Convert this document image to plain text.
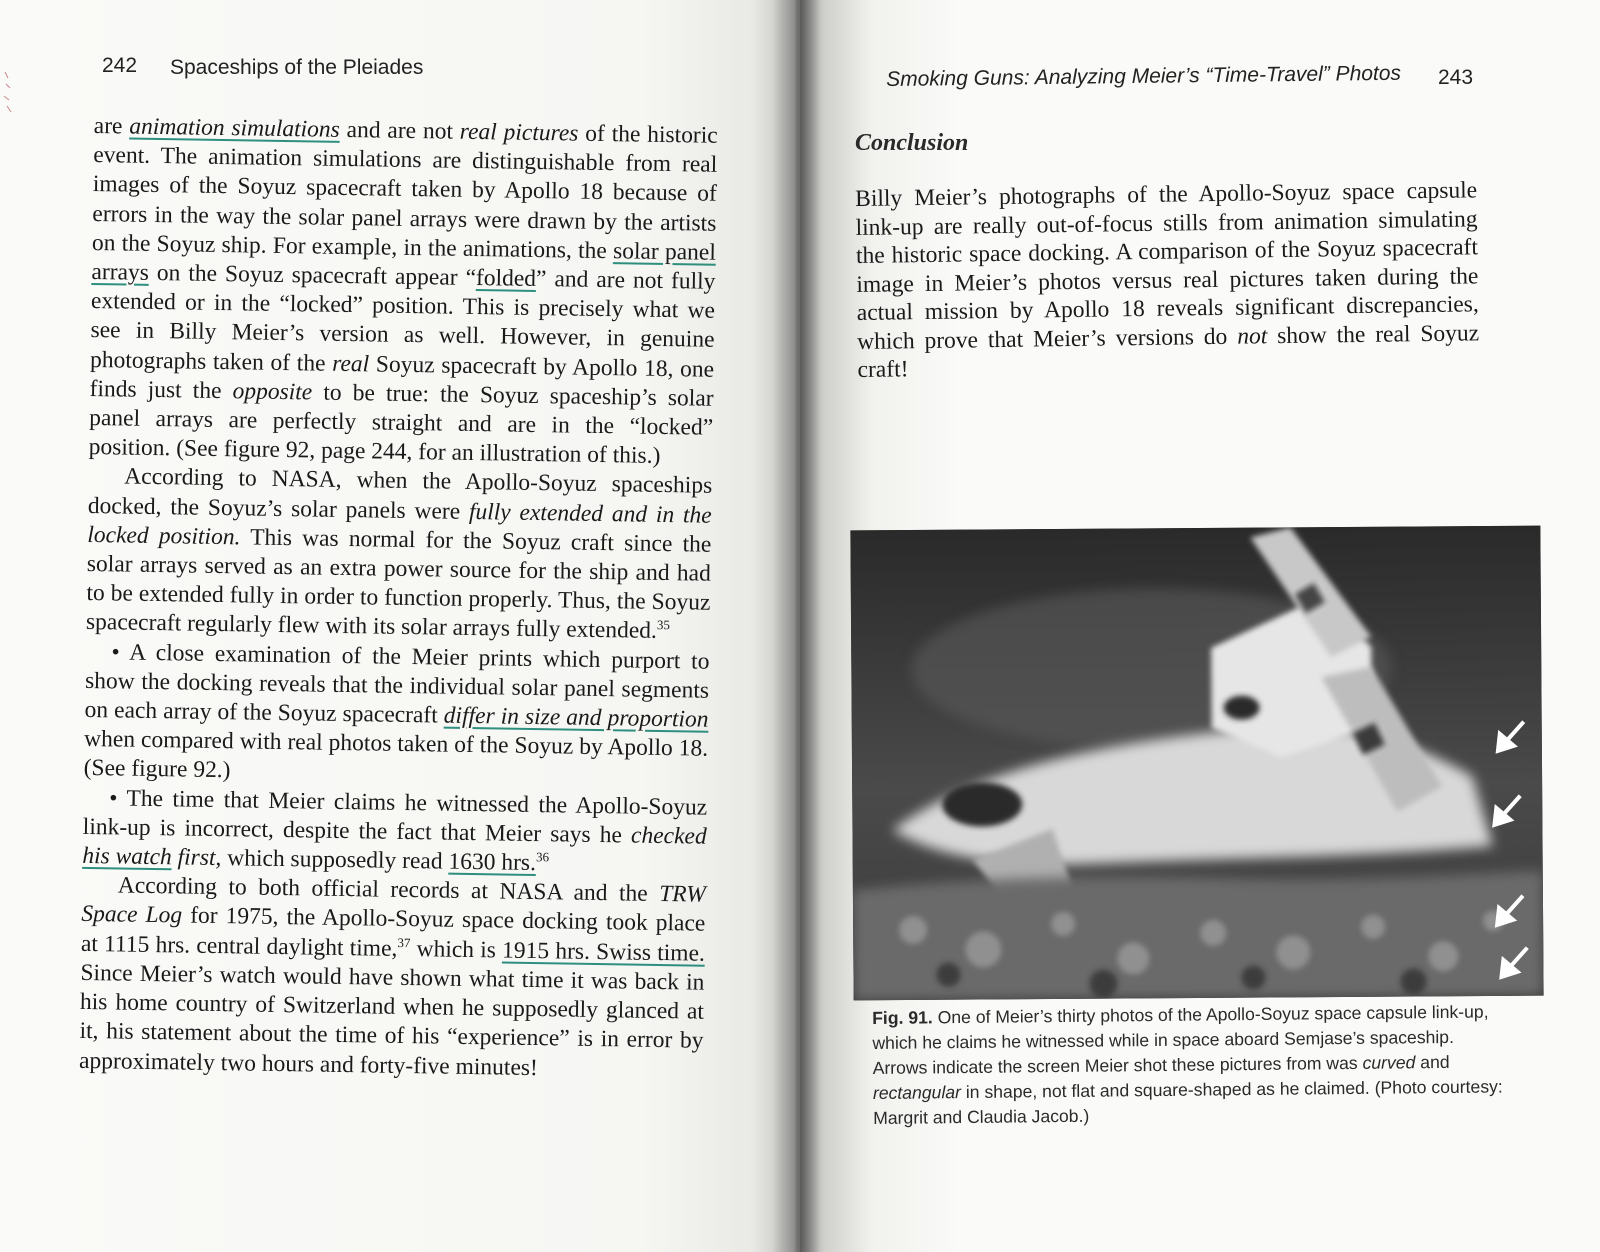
242 Spaceships of the Pleiades

are animation simulations and are not real pictures of the historic event. The animation simulations are distinguishable from real images of the Soyuz spacecraft taken by Apollo 18 because of errors in the way the solar panel arrays were drawn by the artists on the Soyuz ship. For example, in the animations, the solar panel arrays on the Soyuz spacecraft appear “folded” and are not fully extended or in the “locked” position. This is precisely what we see in Billy Meier’s version as well. However, in genuine photographs taken of the real Soyuz spacecraft by Apollo 18, one finds just the opposite to be true: the Soyuz spaceship’s solar panel arrays are perfectly straight and are in the “locked” position. (See figure 92, page 244, for an illustration of this.)

According to NASA, when the Apollo-Soyuz spaceships docked, the Soyuz’s solar panels were fully extended and in the locked position. This was normal for the Soyuz craft since the solar arrays served as an extra power source for the ship and had to be extended fully in order to function properly. Thus, the Soyuz spacecraft regularly flew with its solar arrays fully extended.$^{35}$

• A close examination of the Meier prints which purport to show the docking reveals that the individual solar panel segments on each array of the Soyuz spacecraft differ in size and proportion when compared with real photos taken of the Soyuz by Apollo 18. (See figure 92.)

• The time that Meier claims he witnessed the Apollo-Soyuz link-up is incorrect, despite the fact that Meier says he checked his watch first, which supposedly read 1630 hrs.$^{36}$

According to both official records at NASA and the TRW Space Log for 1975, the Apollo-Soyuz space docking took place at 1115 hrs. central daylight time,$^{37}$ which is 1915 hrs. Swiss time. Since Meier’s watch would have shown what time it was back in his home country of Switzerland when he supposedly glanced at it, his statement about the time of his “experience” is in error by approximately two hours and forty-five minutes!

Smoking Guns: Analyzing Meier’s “Time-Travel” Photos 243
Conclusion

Billy Meier’s photographs of the Apollo-Soyuz space capsule link-up are really out-of-focus stills from animation simulating the historic space docking. A comparison of the Soyuz spacecraft image in Meier’s photos versus real pictures taken during the actual mission by Apollo 18 reveals significant discrepancies, which prove that Meier’s versions do not show the real Soyuz craft!

Fig. 91. One of Meier’s thirty photos of the Apollo-Soyuz space capsule link-up, which he claims he witnessed while in space aboard Semjase’s spaceship. Arrows indicate the screen Meier shot these pictures from was curved and rectangular in shape, not flat and square-shaped as he claimed. (Photo courtesy: Margrit and Claudia Jacob.)
